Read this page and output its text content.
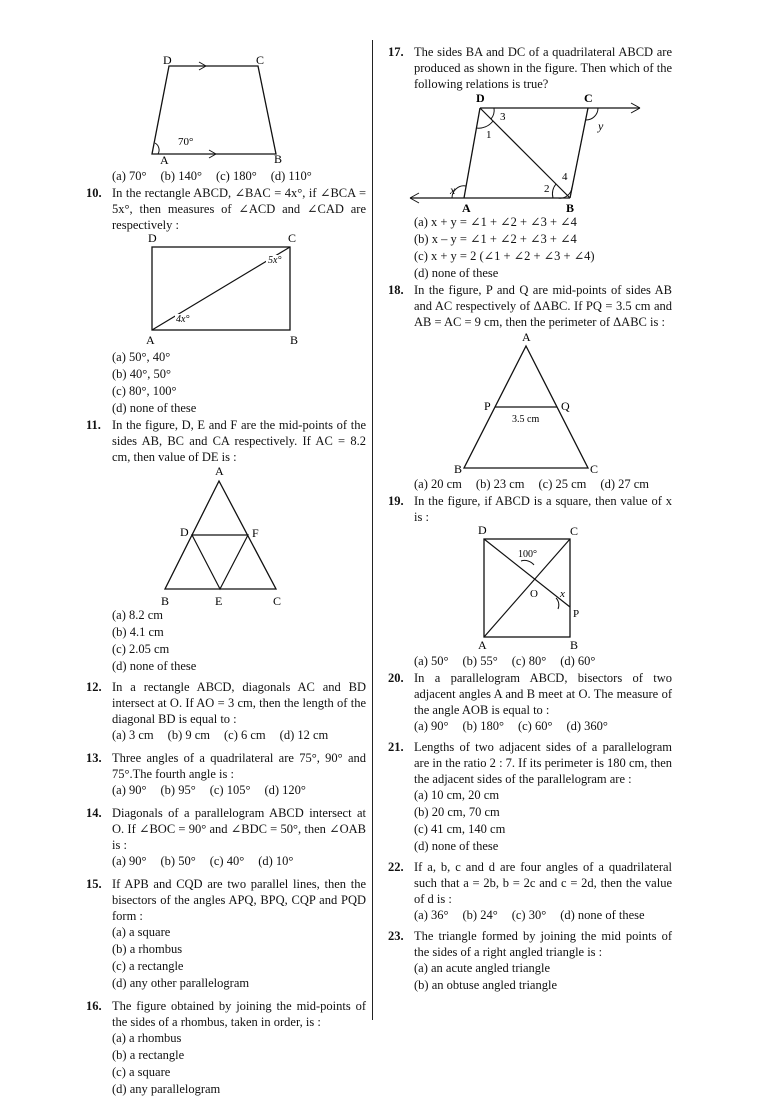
D	C
A	B
70°
(a) 70° (b) 140° (c) 180° (d) 110°
10. In the rectangle ABCD, ∠BAC = 4x°, if ∠BCA = 5x°, then measures of ∠ACD and ∠CAD are respectively :
D	C
A	B
5x°
4x°
(a) 50°, 40°
(b) 40°, 50°
(c) 80°, 100°
(d) none of these
11. In the figure, D, E and F are the mid-points of the sides AB, BC and CA respectively. If AC = 8.2 cm, then value of DE is :
A
D	F
B	E	C
(a) 8.2 cm
(b) 4.1 cm
(c) 2.05 cm
(d) none of these
12. In a rectangle ABCD, diagonals AC and BD intersect at O. If AO = 3 cm, then the length of the diagonal BD is equal to :
(a) 3 cm (b) 9 cm (c) 6 cm (d) 12 cm
13. Three angles of a quadrilateral are 75°, 90° and 75°.The fourth angle is :
(a) 90° (b) 95° (c) 105° (d) 120°
14. Diagonals of a parallelogram ABCD intersect at O. If ∠BOC = 90° and ∠BDC = 50°, then ∠OAB is :
(a) 90° (b) 50° (c) 40° (d) 10°
15. If APB and CQD are two parallel lines, then the bisectors of the angles APQ, BPQ, CQP and PQD form :
(a) a square
(b) a rhombus
(c) a rectangle
(d) any other parallelogram
16. The figure obtained by joining the mid-points of the sides of a rhombus, taken in order, is :
(a) a rhombus
(b) a rectangle
(c) a square
(d) any parallelogram
17. The sides BA and DC of a quadrilateral ABCD are produced as shown in the figure. Then which of the following relations is true?
D	C
A	B
1
2
3
4
x
y
(a) x + y = ∠1 + ∠2 + ∠3 + ∠4
(b) x – y = ∠1 + ∠2 + ∠3 + ∠4
(c) x + y = 2 (∠1 + ∠2 + ∠3 + ∠4)
(d) none of these
18. In the figure, P and Q are mid-points of sides AB and AC respectively of ΔABC. If PQ = 3.5 cm and AB = AC = 9 cm, then the perimeter of ΔABC is :
A
P	Q
3.5 cm
B	C
(a) 20 cm (b) 23 cm (c) 25 cm (d) 27 cm
19. In the figure, if ABCD is a square, then value of x is :
D	C
A	B
O
P
x
100°
(a) 50° (b) 55° (c) 80° (d) 60°
20. In a parallelogram ABCD, bisectors of two adjacent angles A and B meet at O. The measure of the angle AOB is equal to :
(a) 90° (b) 180° (c) 60° (d) 360°
21. Lengths of two adjacent sides of a parallelogram are in the ratio 2 : 7. If its perimeter is 180 cm, then the adjacent sides of the parallelogram are :
(a) 10 cm, 20 cm
(b) 20 cm, 70 cm
(c) 41 cm, 140 cm
(d) none of these
22. If a, b, c and d are four angles of a quadrilateral such that a = 2b, b = 2c and c = 2d, then the value of d is :
(a) 36° (b) 24° (c) 30° (d) none of these
23. The triangle formed by joining the mid points of the sides of a right angled triangle is :
(a) an acute angled triangle
(b) an obtuse angled triangle
